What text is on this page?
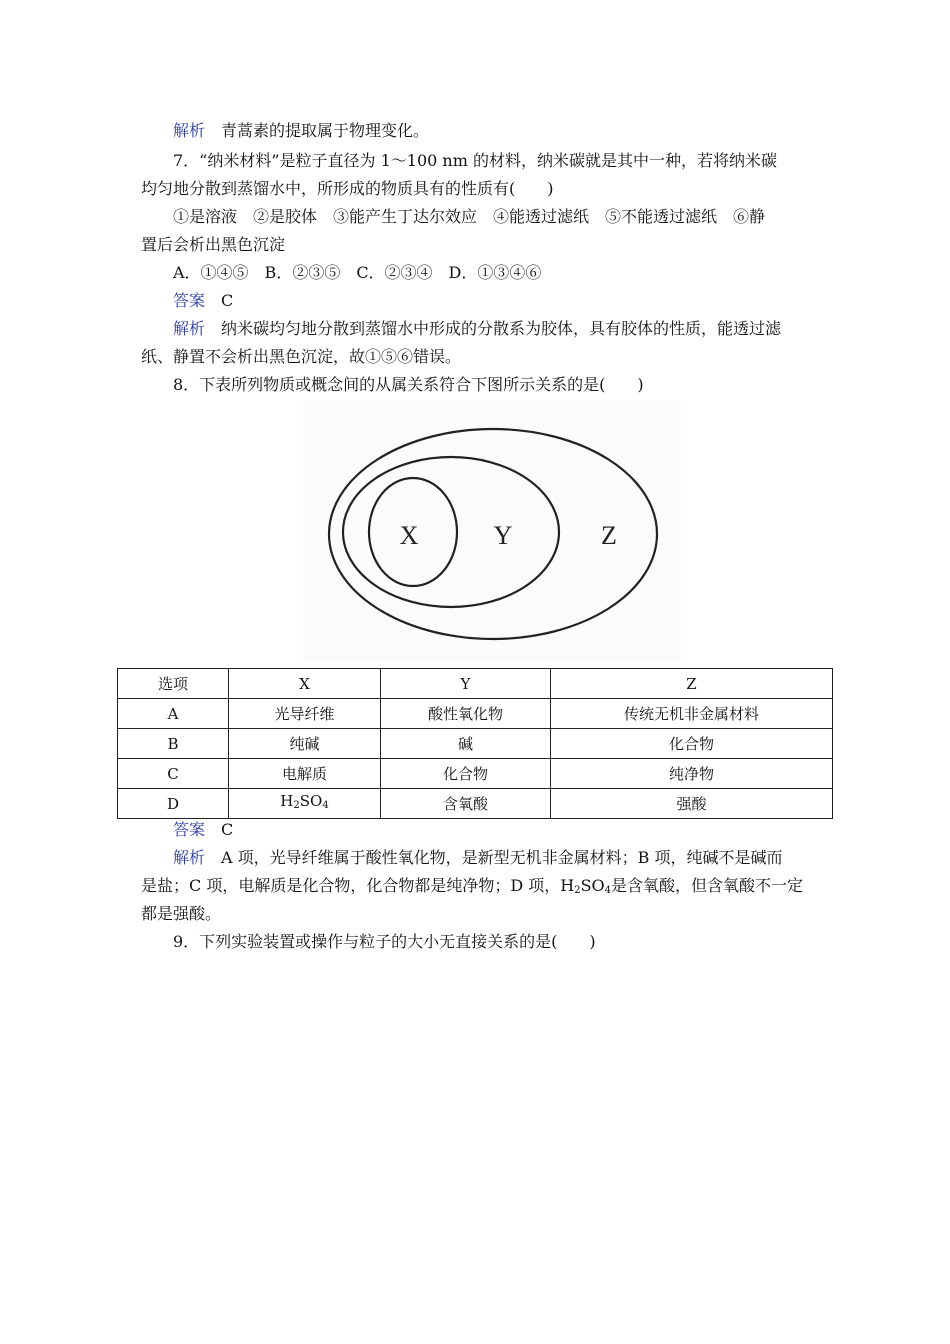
解析 青蒿素的提取属于物理变化。
7．“纳米材料”是粒子直径为 1～100 nm 的材料，纳米碳就是其中一种，若将纳米碳
均匀地分散到蒸馏水中，所形成的物质具有的性质有(　　)
①是溶液　②是胶体　③能产生丁达尔效应　④能透过滤纸　⑤不能透过滤纸　⑥静
置后会析出黑色沉淀
A．①④⑤　B．②③⑤　C．②③④　D．①③④⑥
答案 C
解析 纳米碳均匀地分散到蒸馏水中形成的分散系为胶体，具有胶体的性质，能透过滤
纸、静置不会析出黑色沉淀，故①⑤⑥错误。
8．下表所列物质或概念间的从属关系符合下图所示关系的是(　　)
X	Y	Z
选项	X	Y	Z
A	光导纤维	酸性氧化物	传统无机非金属材料
B	纯碱	碱	化合物
C	电解质	化合物	纯净物
D	$H_2SO_4$	含氧酸	强酸
答案 C
解析 A 项，光导纤维属于酸性氧化物，是新型无机非金属材料；B 项，纯碱不是碱而
是盐；C 项，电解质是化合物，化合物都是纯净物；D 项，$H_2SO_4$是含氧酸，但含氧酸不一定
都是强酸。
9．下列实验装置或操作与粒子的大小无直接关系的是(　　)
